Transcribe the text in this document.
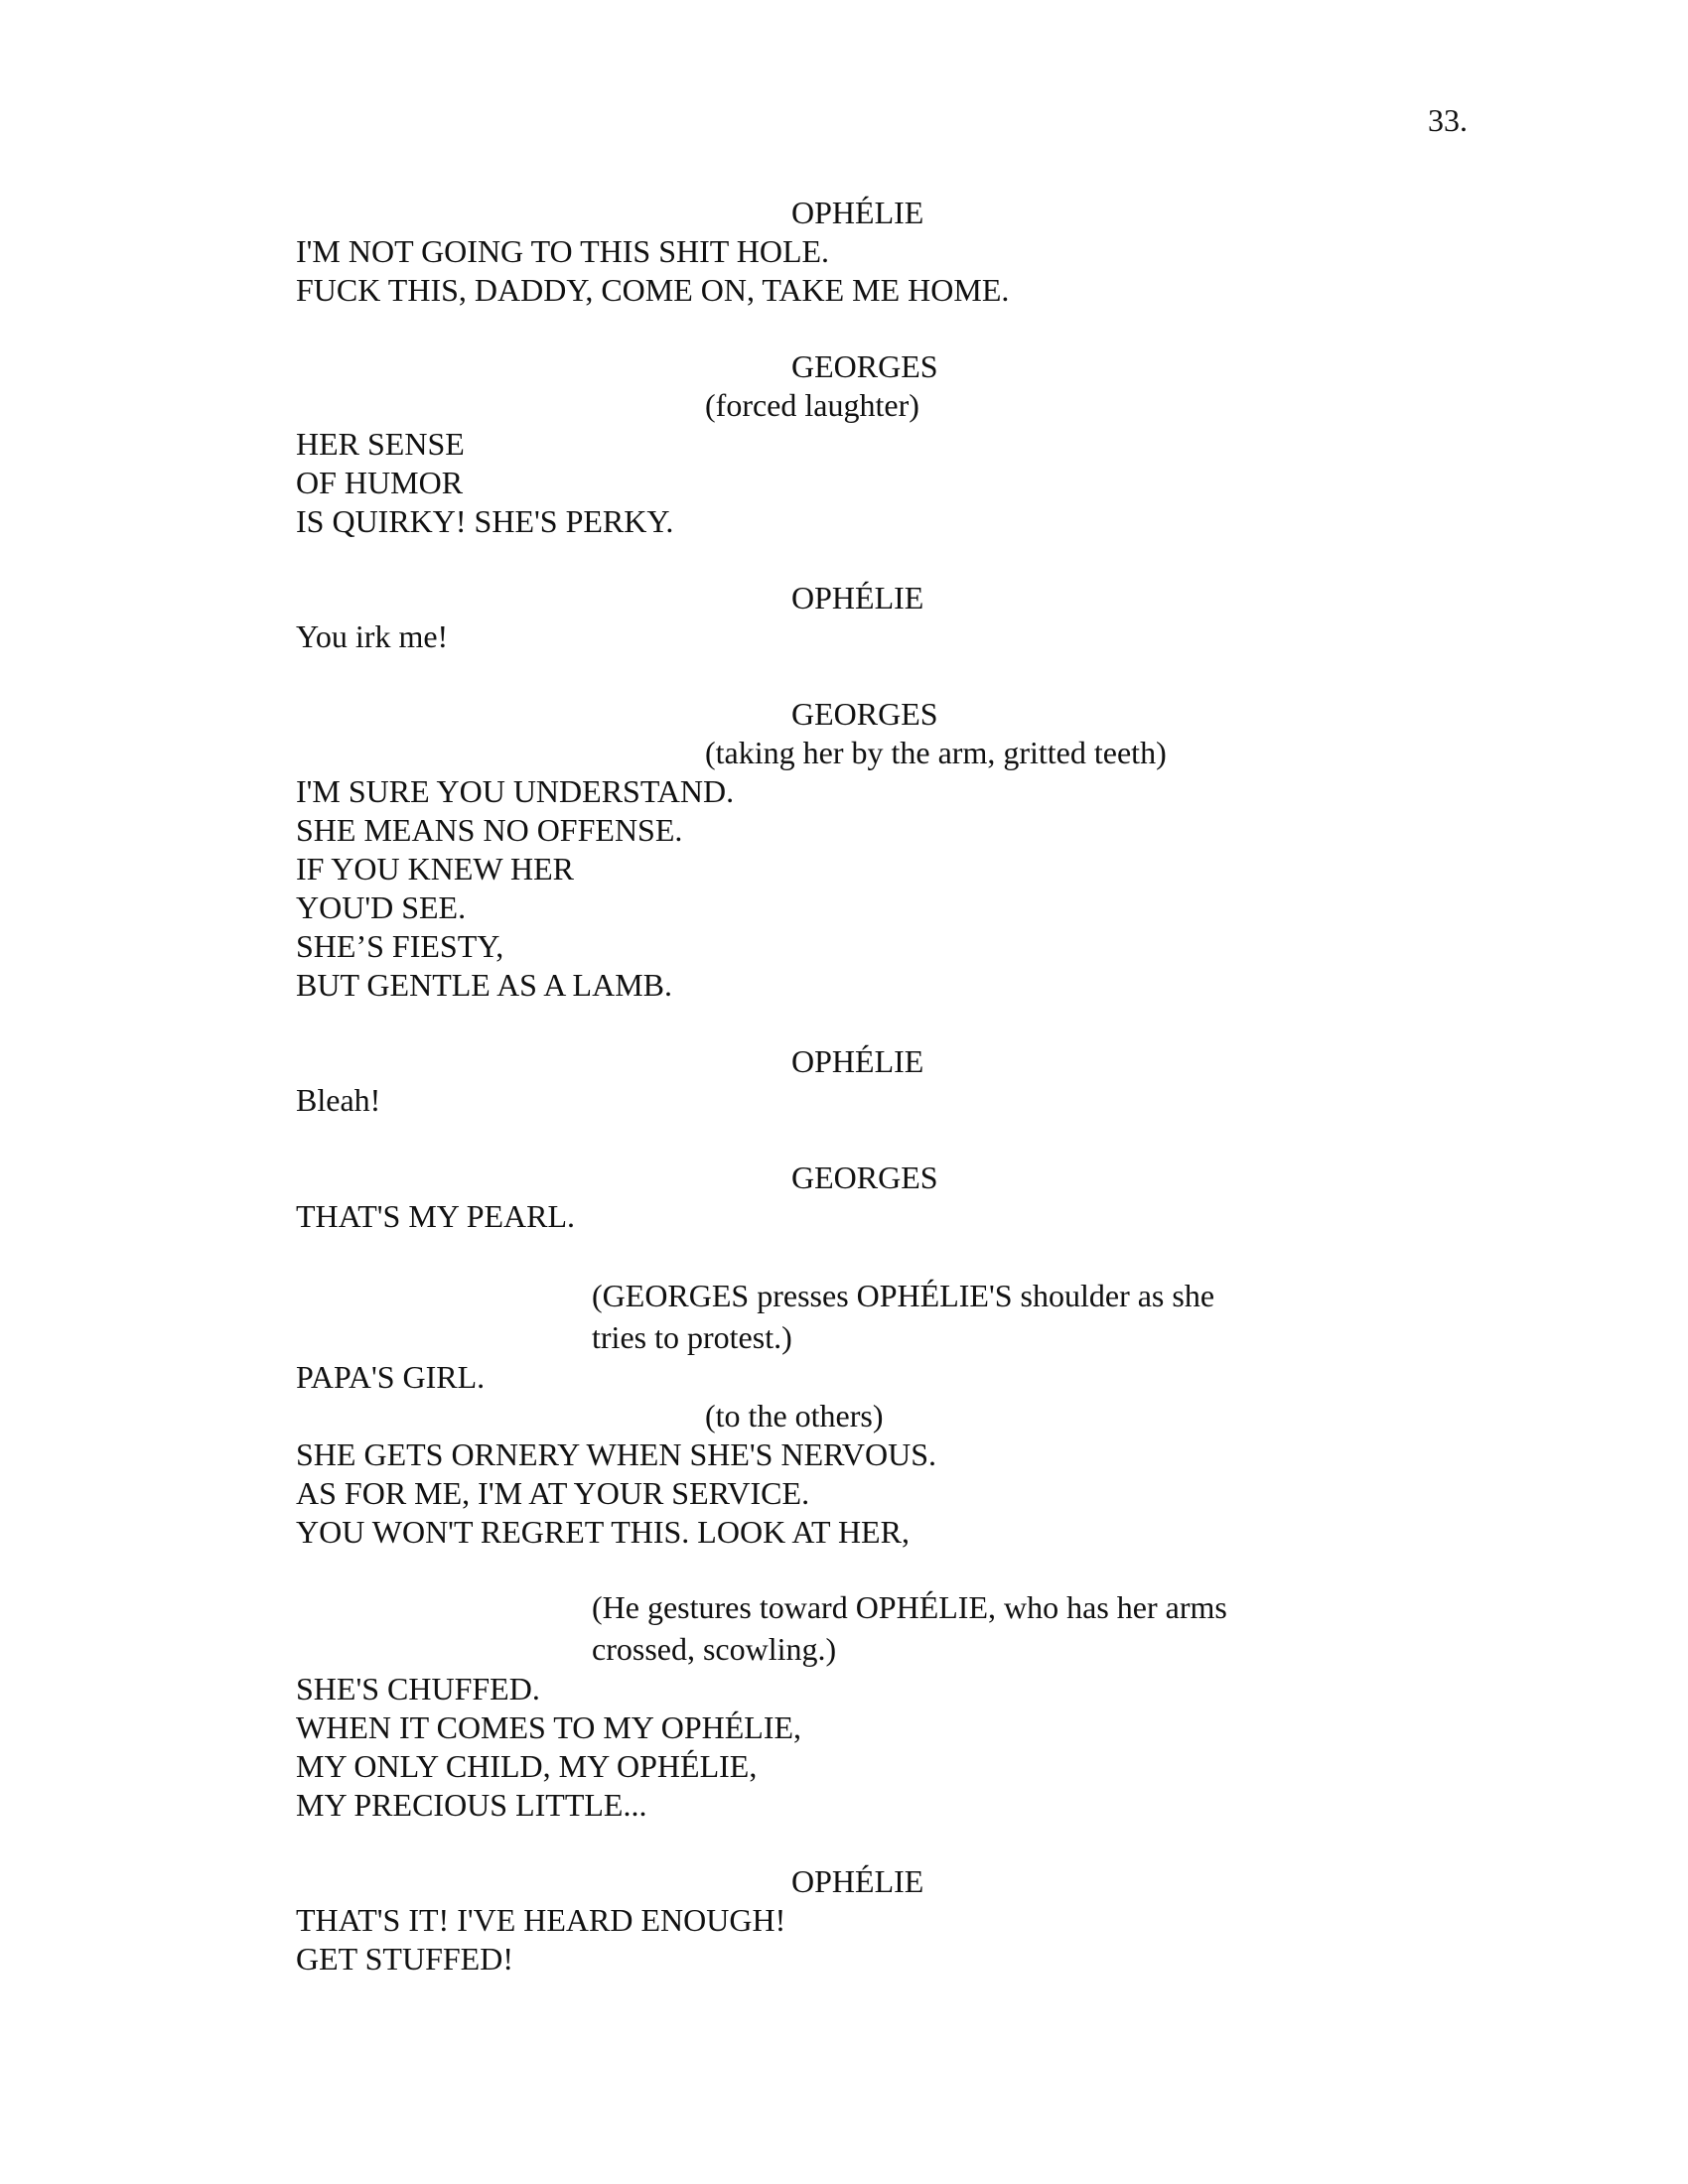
33.
OPHÉLIE
I'M NOT GOING TO THIS SHIT HOLE.
FUCK THIS, DADDY, COME ON, TAKE ME HOME.
GEORGES
(forced laughter)
HER SENSE
OF HUMOR
IS QUIRKY! SHE'S PERKY.
OPHÉLIE
You irk me!
GEORGES
(taking her by the arm, gritted teeth)
I'M SURE YOU UNDERSTAND.
SHE MEANS NO OFFENSE.
IF YOU KNEW HER
YOU'D SEE.
SHE’S FIESTY,
BUT GENTLE AS A LAMB.
OPHÉLIE
Bleah!
GEORGES
THAT'S MY PEARL.
(GEORGES presses OPHÉLIE'S shoulder as she
tries to protest.)
PAPA'S GIRL.
(to the others)
SHE GETS ORNERY WHEN SHE'S NERVOUS.
AS FOR ME, I'M AT YOUR SERVICE.
YOU WON'T REGRET THIS. LOOK AT HER,
(He gestures toward OPHÉLIE, who has her arms
crossed, scowling.)
SHE'S CHUFFED.
WHEN IT COMES TO MY OPHÉLIE,
MY ONLY CHILD, MY OPHÉLIE,
MY PRECIOUS LITTLE...
OPHÉLIE
THAT'S IT! I'VE HEARD ENOUGH!
GET STUFFED!
